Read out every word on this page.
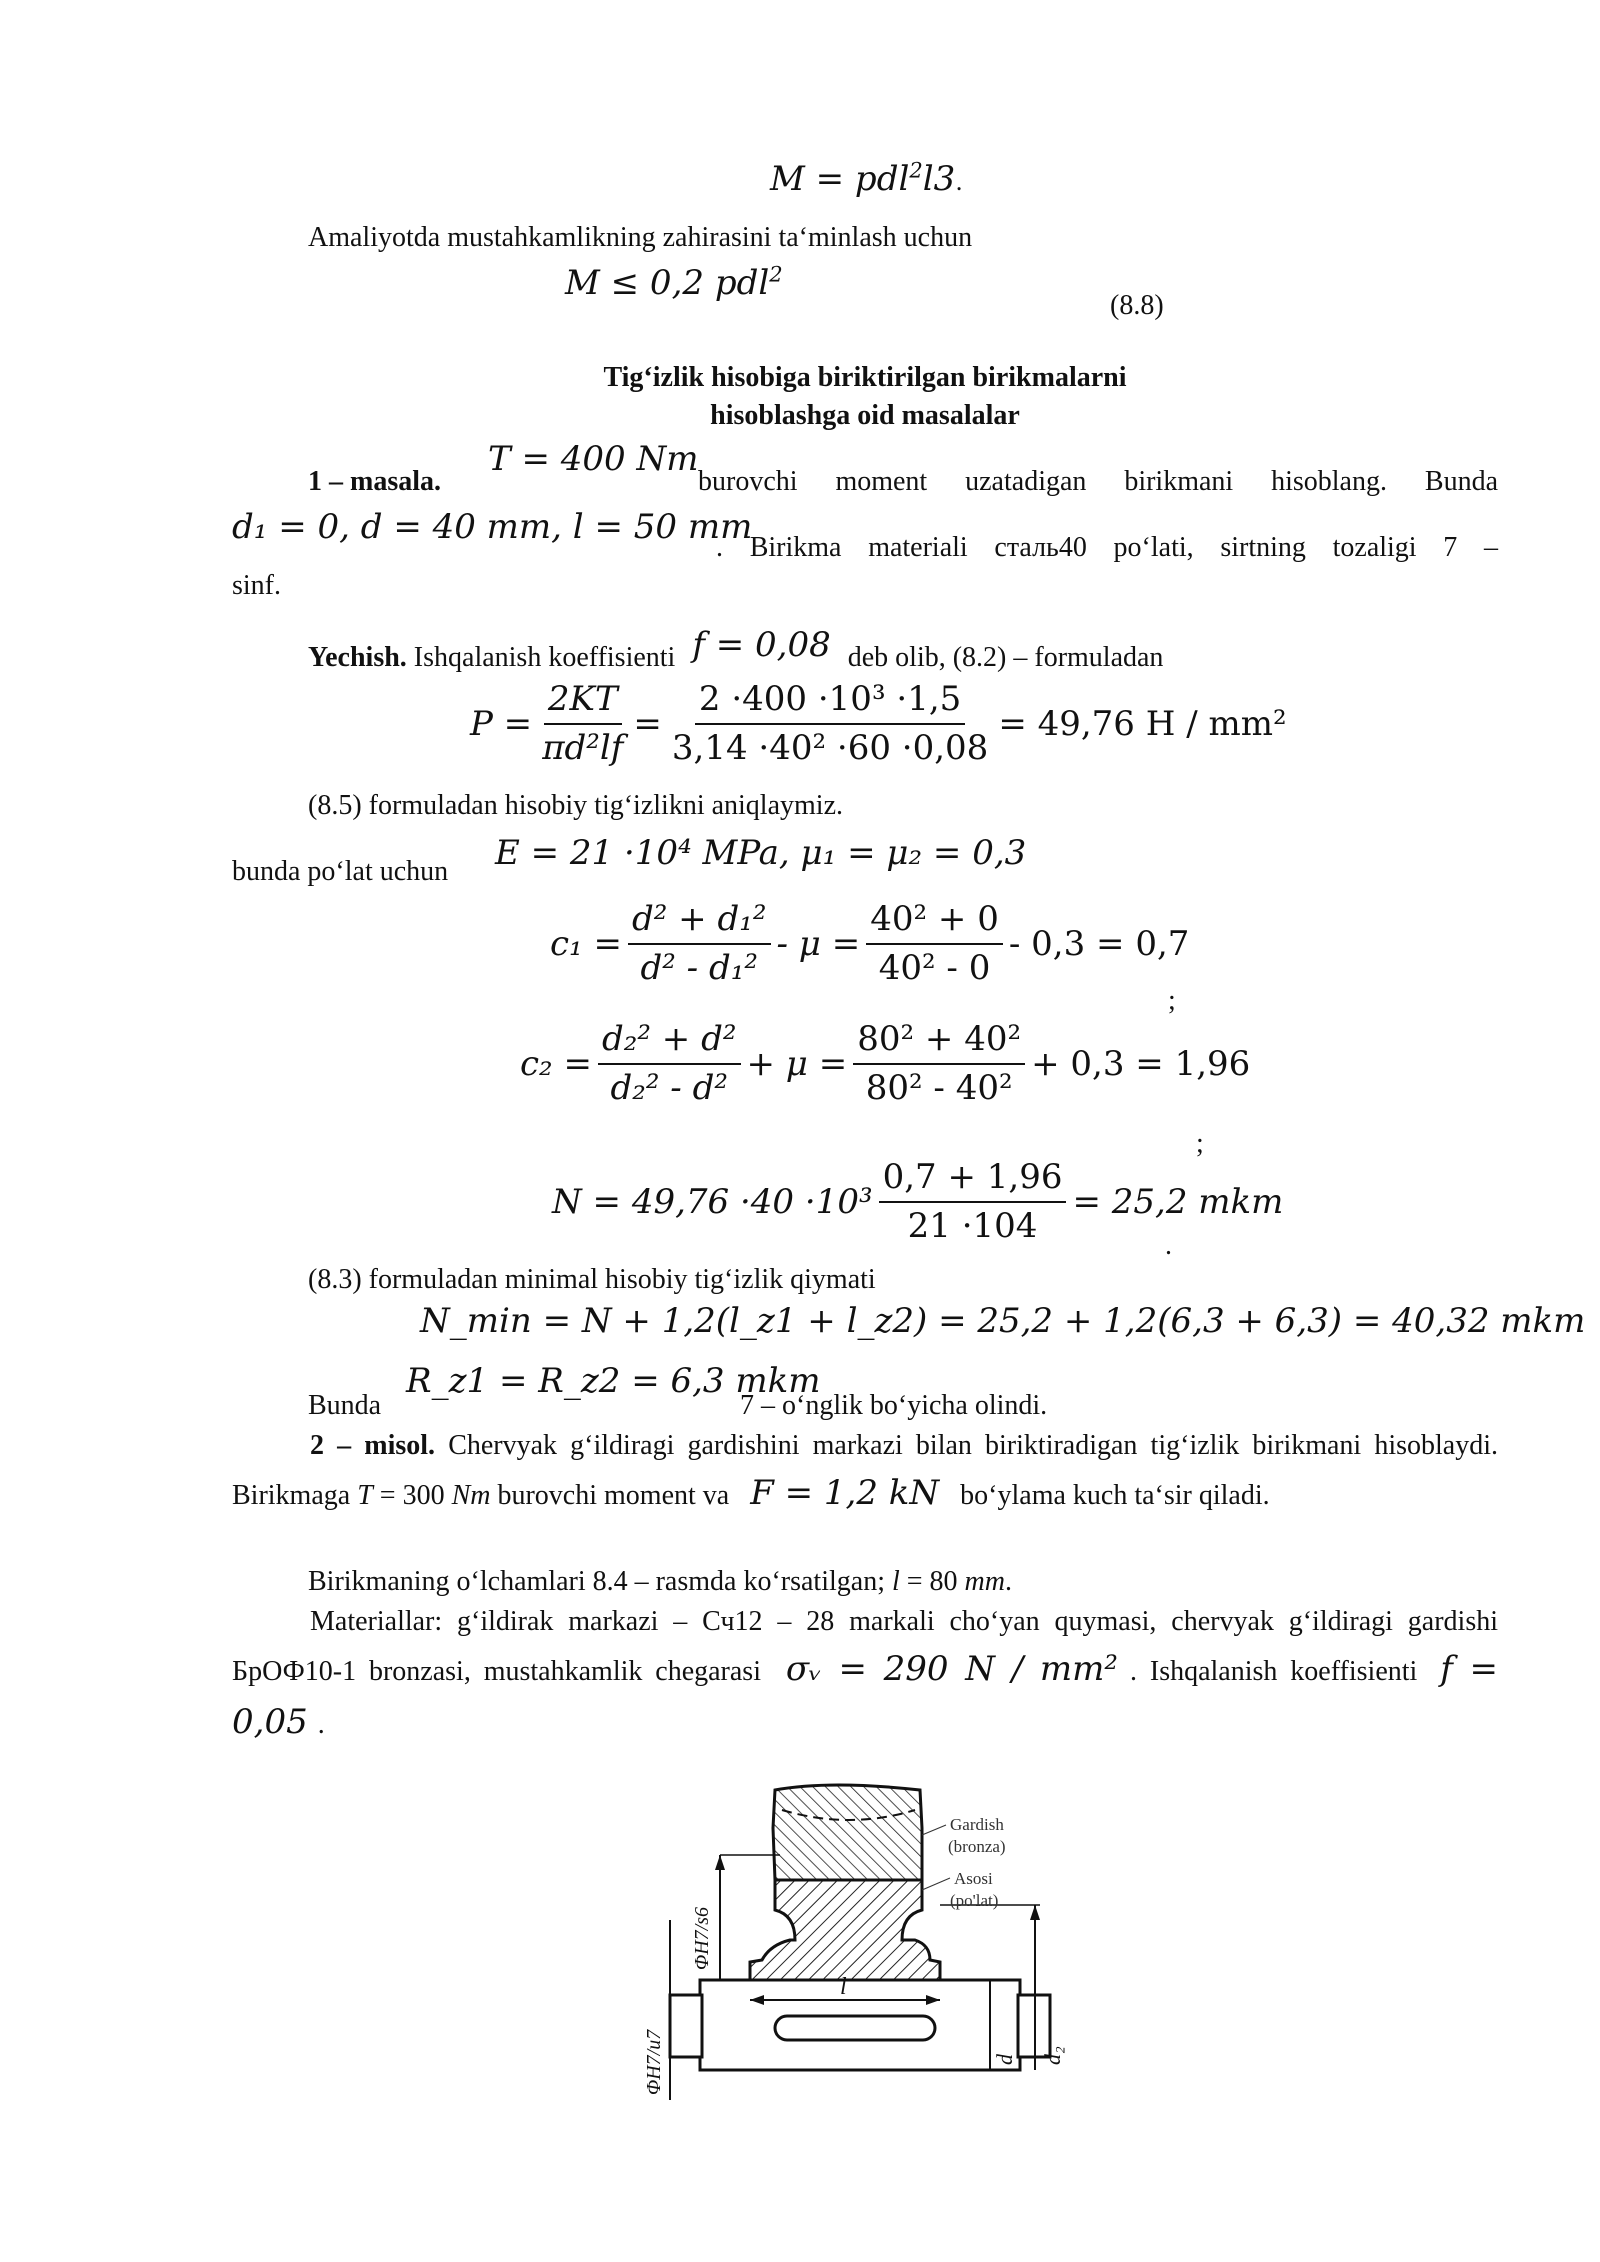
M = pdl$^2$l3.
Amaliyotda mustahkamlikning zahirasini ta‘minlash uchun
M ≤ 0,2 pdl$^2$
(8.8)
Tig‘izlik hisobiga biriktirilgan birikmalarni
hisoblashga oid masalalar
1 – masala.
T = 400 Nm
burovchi moment uzatadigan birikmani hisoblang. Bunda
d₁ = 0, d = 40 mm, l = 50 mm
. Birikma materiali сталь40 po‘lati, sirtning tozaligi 7 –
sinf.
Yechish. Ishqalanish koeffisienti f = 0,08 deb olib, (8.2) – formuladan
$P = \frac{2KT}{\text{πd²lf}} = \frac{\text{2 ·400 ·10³ ·1,5}}{\text{3,14 ·40² ·60 ·0,08}} = 49,76$ H / mm²
(8.5) formuladan hisobiy tig‘izlikni aniqlaymiz.
bunda po‘lat uchun E = 21 ·10⁴ MPa, μ₁ = μ₂ = 0,3
$c_1 = \frac{\text{d² + d₁²}}{\text{d² - d₁²}} - \mu = \frac{\text{40² + 0}}{\text{40² - 0}} - 0,3 = 0,7$
;
$c_2 = \frac{\text{d₂² + d²}}{\text{d₂² - d²}} + \mu = \frac{\text{80² + 40²}}{\text{80² - 40²}} + 0,3 = 1,96$
;
$N = 49,76 \cdot 40 \cdot 10^3 \frac{0,7 + 1,96}{21 \cdot 104} = 25,2$ mkm
.
(8.3) formuladan minimal hisobiy tig‘izlik qiymati
N_min = N + 1,2(l_z1 + l_z2) = 25,2 + 1,2(6,3 + 6,3) = 40,32 mkm
Bunda
R_z1 = R_z2 = 6,3 mkm
7 – o‘nglik bo‘yicha olindi.
2 – misol. Chervyak g‘ildiragi gardishini markazi bilan biriktiradigan tig‘izlik birikmani hisoblaydi. Birikmaga T = 300 Nm burovchi moment va F = 1,2 kN bo‘ylama kuch ta‘sir qiladi.
Birikmaning o‘lchamlari 8.4 – rasmda ko‘rsatilgan; l = 80 mm.
Materiallar: g‘ildirak markazi – Сч12 – 28 markali cho‘yan quymasi, chervyak g‘ildiragi gardishi БрОФ10-1 bronzasi, mustahkamlik chegarasi σᵥ = 290 N / mm² . Ishqalanish koeffisienti f = 0,05 .
l
ΦH7/s6
ΦH7/u7	d d₂
Gardish
(bronza)
Asosi
(po'lat)
